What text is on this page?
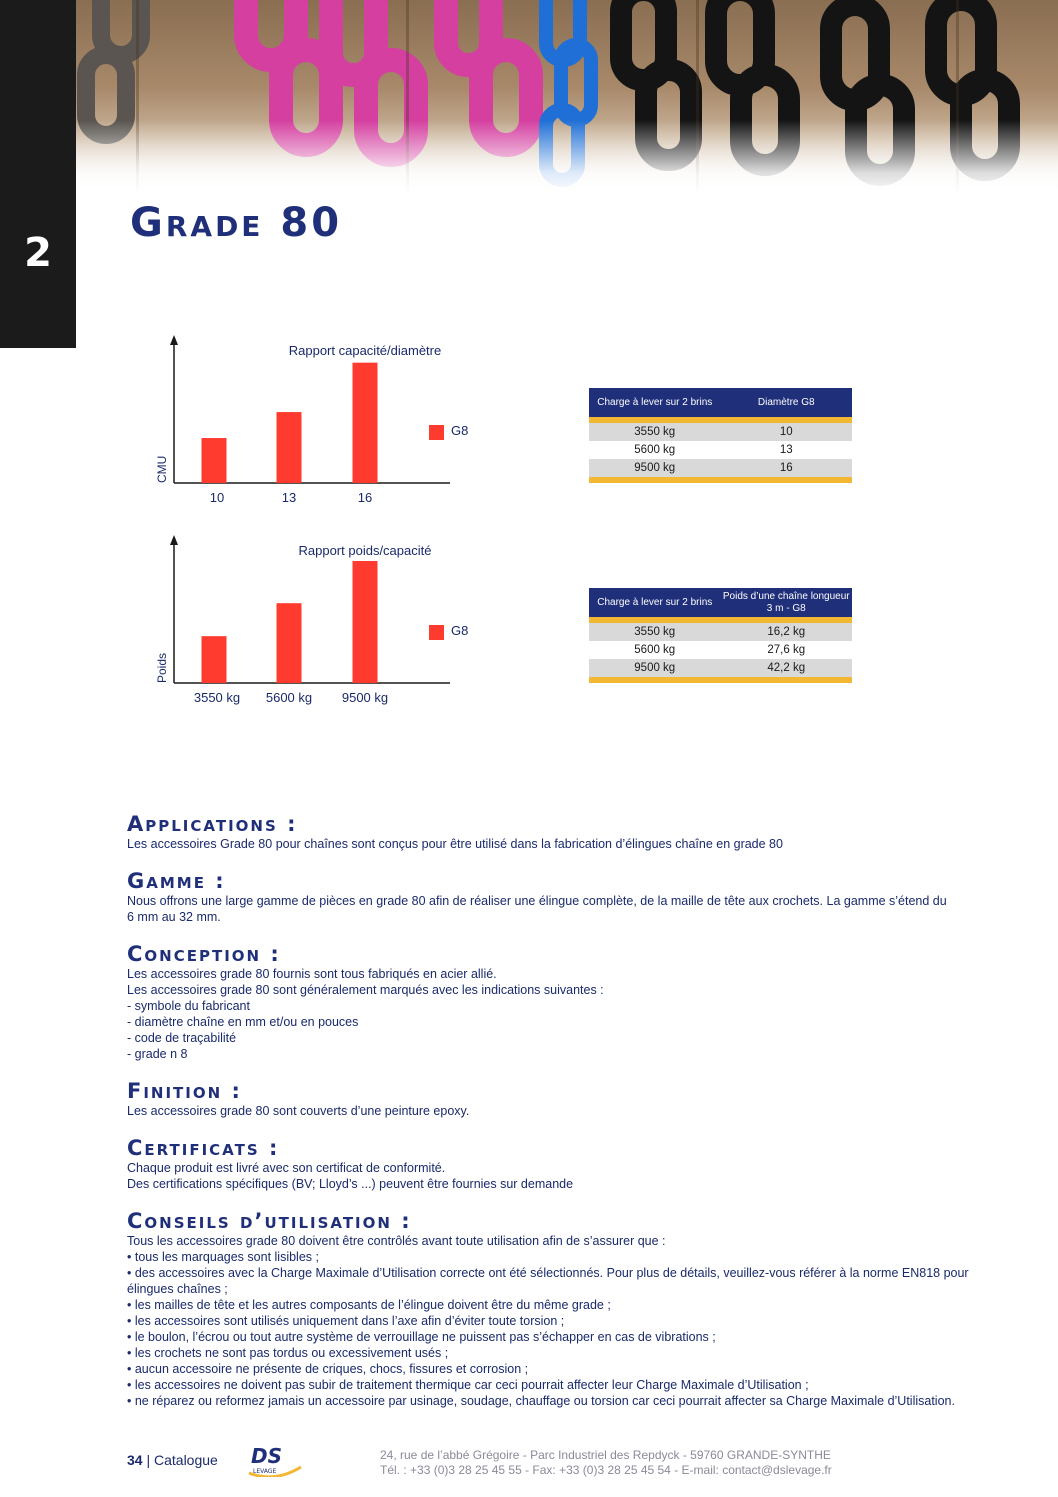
2
Grade 80
Rapport capacité/diamètre
CMU
10	13	16
G8
Rapport poids/capacité
Poids
3550 kg 5600 kg 9500 kg
G8
Charge à lever sur 2 brins	Diamètre G8
3550 kg	10
5600 kg	13
9500 kg	16
Charge à lever sur 2 brins
Poids d’une chaîne longueur 3 m - G8
3550 kg	16,2 kg
5600 kg	27,6 kg
9500 kg	42,2 kg
Applications :

Les accessoires Grade 80 pour chaînes sont conçus pour être utilisé dans la fabrication d’élingues chaîne en grade 80

Gamme :

Nous offrons une large gamme de pièces en grade 80 afin de réaliser une élingue complète, de la maille de tête aux crochets. La gamme s’étend du

6 mm au 32 mm.

Conception :

Les accessoires grade 80 fournis sont tous fabriqués en acier allié.

Les accessoires grade 80 sont généralement marqués avec les indications suivantes :

- symbole du fabricant

- diamètre chaîne en mm et/ou en pouces

- code de traçabilité

- grade n 8

Finition :

Les accessoires grade 80 sont couverts d’une peinture epoxy.

Certificats :

Chaque produit est livré avec son certificat de conformité.

Des certifications spécifiques (BV; Lloyd’s ...) peuvent être fournies sur demande

Conseils d’utilisation :

Tous les accessoires grade 80 doivent être contrôlés avant toute utilisation afin de s’assurer que :

• tous les marquages sont lisibles ;

• des accessoires avec la Charge Maximale d’Utilisation correcte ont été sélectionnés. Pour plus de détails, veuillez-vous référer à la norme EN818 pour

élingues chaînes ;

• les mailles de tête et les autres composants de l’élingue doivent être du même grade ;

• les accessoires sont utilisés uniquement dans l’axe afin d’éviter toute torsion ;

• le boulon, l’écrou ou tout autre système de verrouillage ne puissent pas s’échapper en cas de vibrations ;

• les crochets ne sont pas tordus ou excessivement usés ;

• aucun accessoire ne présente de criques, chocs, fissures et corrosion ;

• les accessoires ne doivent pas subir de traitement thermique car ceci pourrait affecter leur Charge Maximale d’Utilisation ;

• ne réparez ou reformez jamais un accessoire par usinage, soudage, chauffage ou torsion car ceci pourrait affecter sa Charge Maximale d’Utilisation.

34 | Catalogue DS
LEVAGE
24, rue de l’abbé Grégoire - Parc Industriel des Repdyck - 59760 GRANDE-SYNTHE
Tél. : +33 (0)3 28 25 45 55 - Fax: +33 (0)3 28 25 45 54 - E-mail: contact@dslevage.fr
